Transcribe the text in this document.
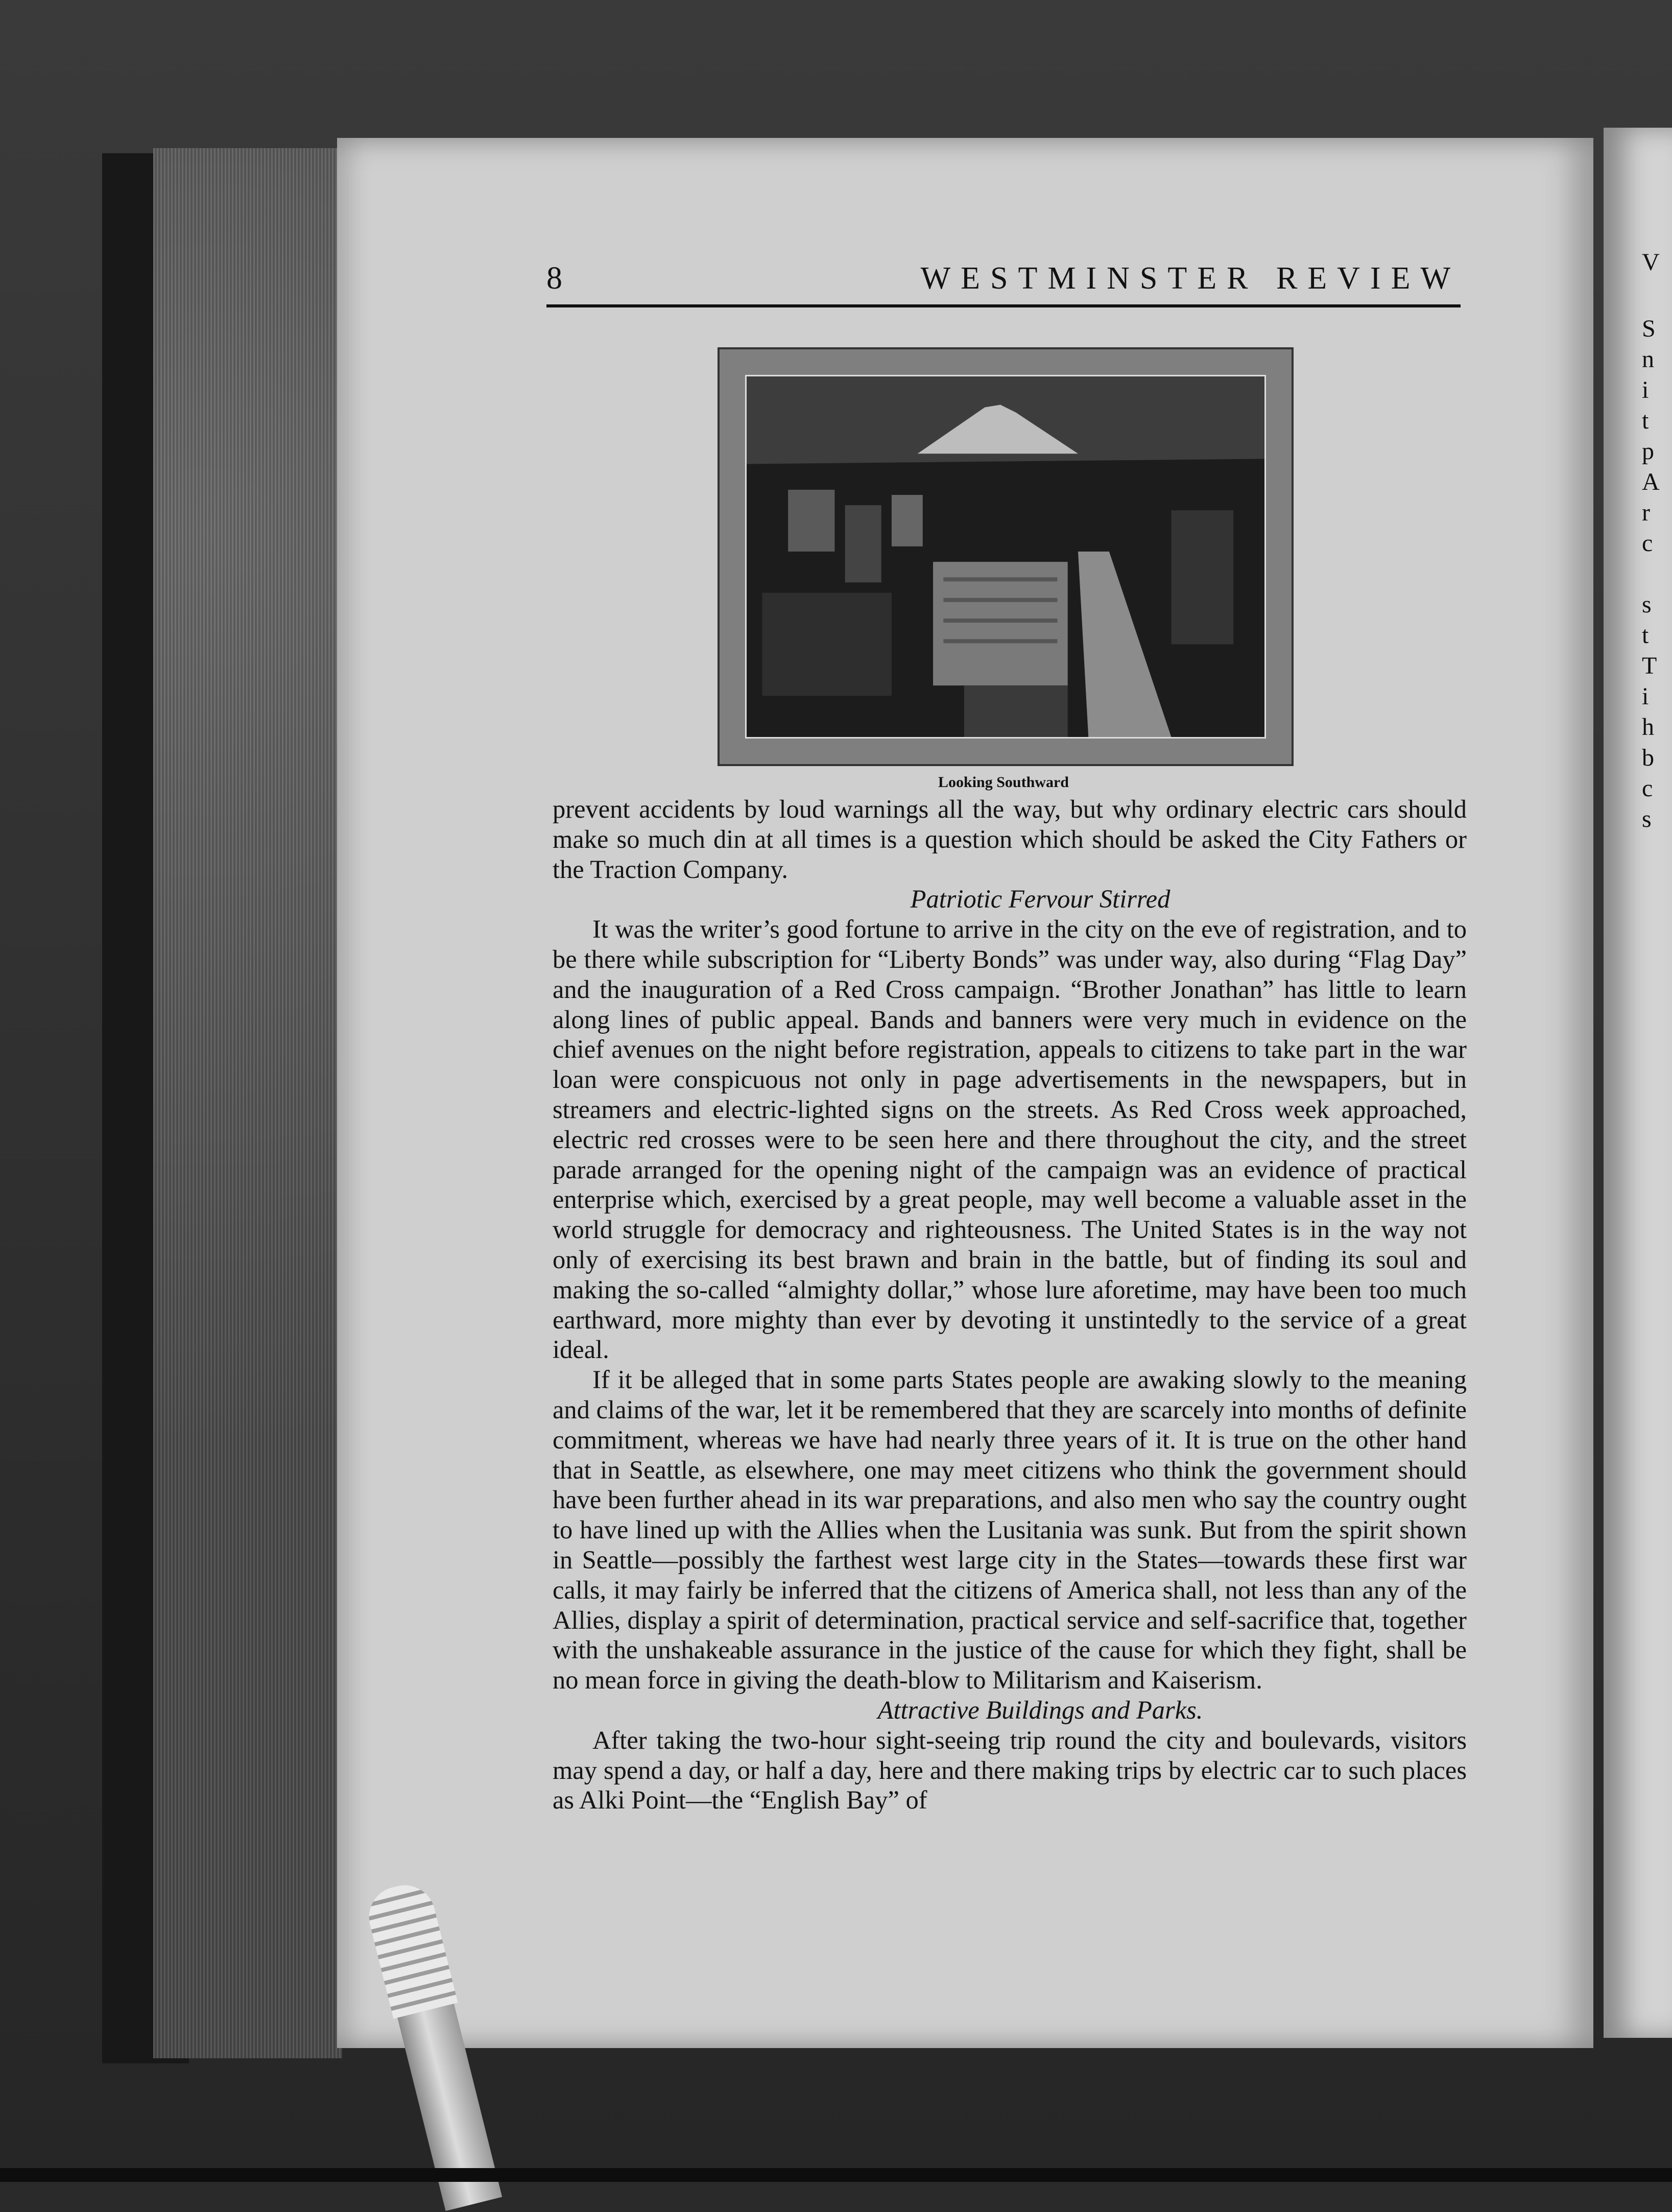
V
S
n
i
t
p
A
r
c
s
t
T
i
h
b
c
s
8	WESTMINSTER REVIEW
Looking Southward

prevent accidents by loud warnings all the way, but why ordinary electric cars should make so much din at all times is a question which should be asked the City Fathers or the Traction Company.

Patriotic Fervour Stirred

It was the writer’s good fortune to arrive in the city on the eve of registration, and to be there while subscription for “Liberty Bonds” was under way, also during “Flag Day” and the inauguration of a Red Cross campaign. “Brother Jonathan” has little to learn along lines of public appeal. Bands and banners were very much in evidence on the chief avenues on the night before registration, appeals to citizens to take part in the war loan were conspicuous not only in page advertisements in the newspapers, but in streamers and electric-lighted signs on the streets. As Red Cross week approached, electric red crosses were to be seen here and there throughout the city, and the street parade arranged for the opening night of the campaign was an evidence of practical enterprise which, exercised by a great people, may well become a valuable asset in the world struggle for democracy and righteousness. The United States is in the way not only of exercising its best brawn and brain in the battle, but of finding its soul and making the so-called “almighty dollar,” whose lure aforetime, may have been too much earthward, more mighty than ever by devoting it unstintedly to the service of a great ideal.

If it be alleged that in some parts States people are awaking slowly to the meaning and claims of the war, let it be remembered that they are scarcely into months of definite commitment, whereas we have had nearly three years of it. It is true on the other hand that in Seattle, as elsewhere, one may meet citizens who think the government should have been further ahead in its war preparations, and also men who say the country ought to have lined up with the Allies when the Lusitania was sunk. But from the spirit shown in Seattle—possibly the farthest west large city in the States—towards these first war calls, it may fairly be inferred that the citizens of America shall, not less than any of the Allies, display a spirit of determination, practical service and self-sacrifice that, together with the unshakeable assurance in the justice of the cause for which they fight, shall be no mean force in giving the death-blow to Militarism and Kaiserism.

Attractive Buildings and Parks.

After taking the two-hour sight-seeing trip round the city and boulevards, visitors may spend a day, or half a day, here and there making trips by electric car to such places as Alki Point—the “English Bay” of
